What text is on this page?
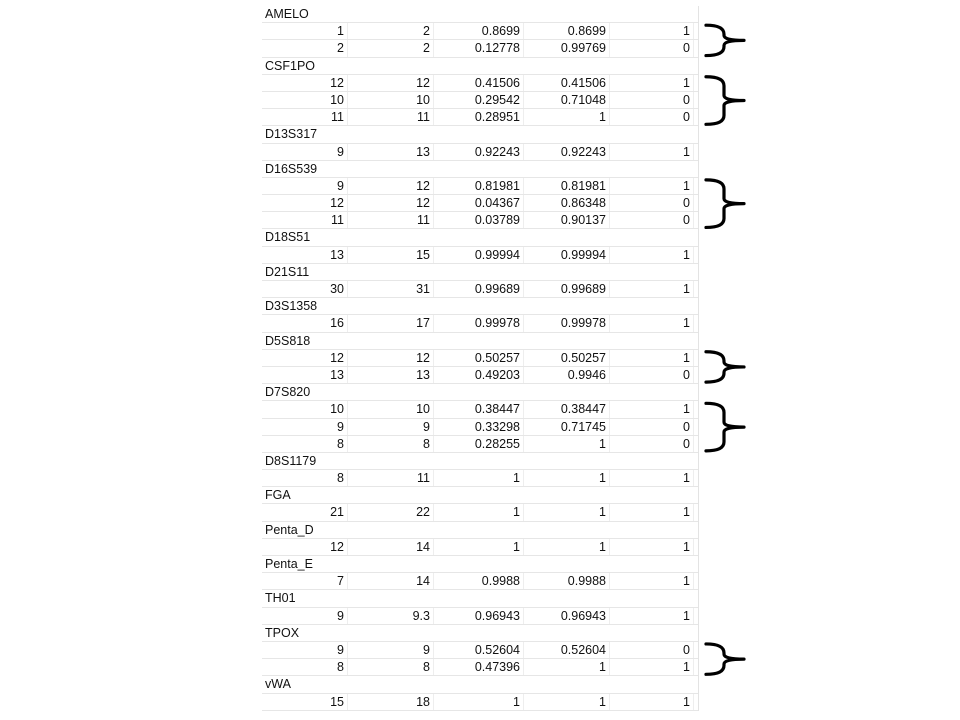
AMELO
1	2	0.8699	0.8699	1
2	2	0.12778	0.99769	0
CSF1PO
12	12	0.41506	0.41506	1
10	10	0.29542	0.71048	0
11	11	0.28951	1	0
D13S317
9	13	0.92243	0.92243	1
D16S539
9	12	0.81981	0.81981	1
12	12	0.04367	0.86348	0
11	11	0.03789	0.90137	0
D18S51
13	15	0.99994	0.99994	1
D21S11
30	31	0.99689	0.99689	1
D3S1358
16	17	0.99978	0.99978	1
D5S818
12	12	0.50257	0.50257	1
13	13	0.49203	0.9946	0
D7S820
10	10	0.38447	0.38447	1
9	9	0.33298	0.71745	0
8	8	0.28255	1	0
D8S1179
8	11	1	1	1
FGA
21	22	1	1	1
Penta_D
12	14	1	1	1
Penta_E
7	14	0.9988	0.9988	1
TH01
9	9.3	0.96943	0.96943	1
TPOX
9	9	0.52604	0.52604	0
8	8	0.47396	1	1
vWA
15	18	1	1	1
